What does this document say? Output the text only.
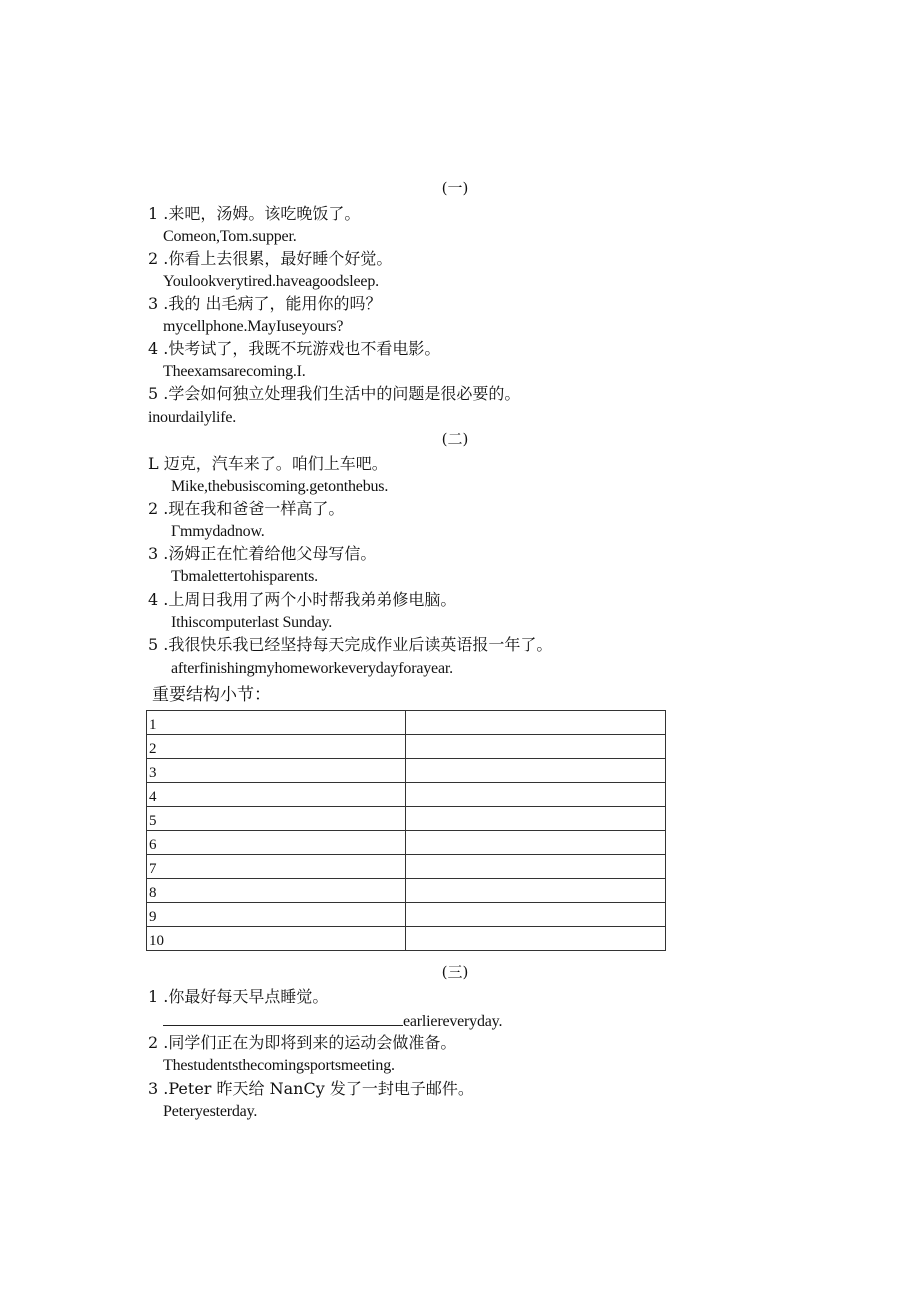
(一)
1 .来吧，汤姆。该吃晚饭了。
Comeon,Tom.supper.
2 .你看上去很累，最好睡个好觉。
Youlookverytired.haveagoodsleep.
3 .我的 出毛病了，能用你的吗？
mycellphone.MayIuseyours?
4 .快考试了，我既不玩游戏也不看电影。
Theexamsarecoming.I.
5 .学会如何独立处理我们生活中的问题是很必要的。
inourdailylife.
(二)
L 迈克，汽车来了。咱们上车吧。
Mike,thebusiscoming.getonthebus.
2 .现在我和爸爸一样高了。
Γmmydadnow.
3 .汤姆正在忙着给他父母写信。
Tbmalettertohisparents.
4 .上周日我用了两个小时帮我弟弟修电脑。
Ithiscomputerlast Sunday.
5 .我很快乐我已经坚持每天完成作业后读英语报一年了。
afterfinishingmyhomeworkeverydayforayear.
重要结构小节：
1	
2	
3	
4	
5	
6	
7	
8	
9	
10	
(三)
1 .你最好每天早点睡觉。
earliereveryday.
2 .同学们正在为即将到来的运动会做准备。
Thestudentsthecomingsportsmeeting.
3 .Peter 昨天给 NanCy 发了一封电子邮件。
Peteryesterday.
